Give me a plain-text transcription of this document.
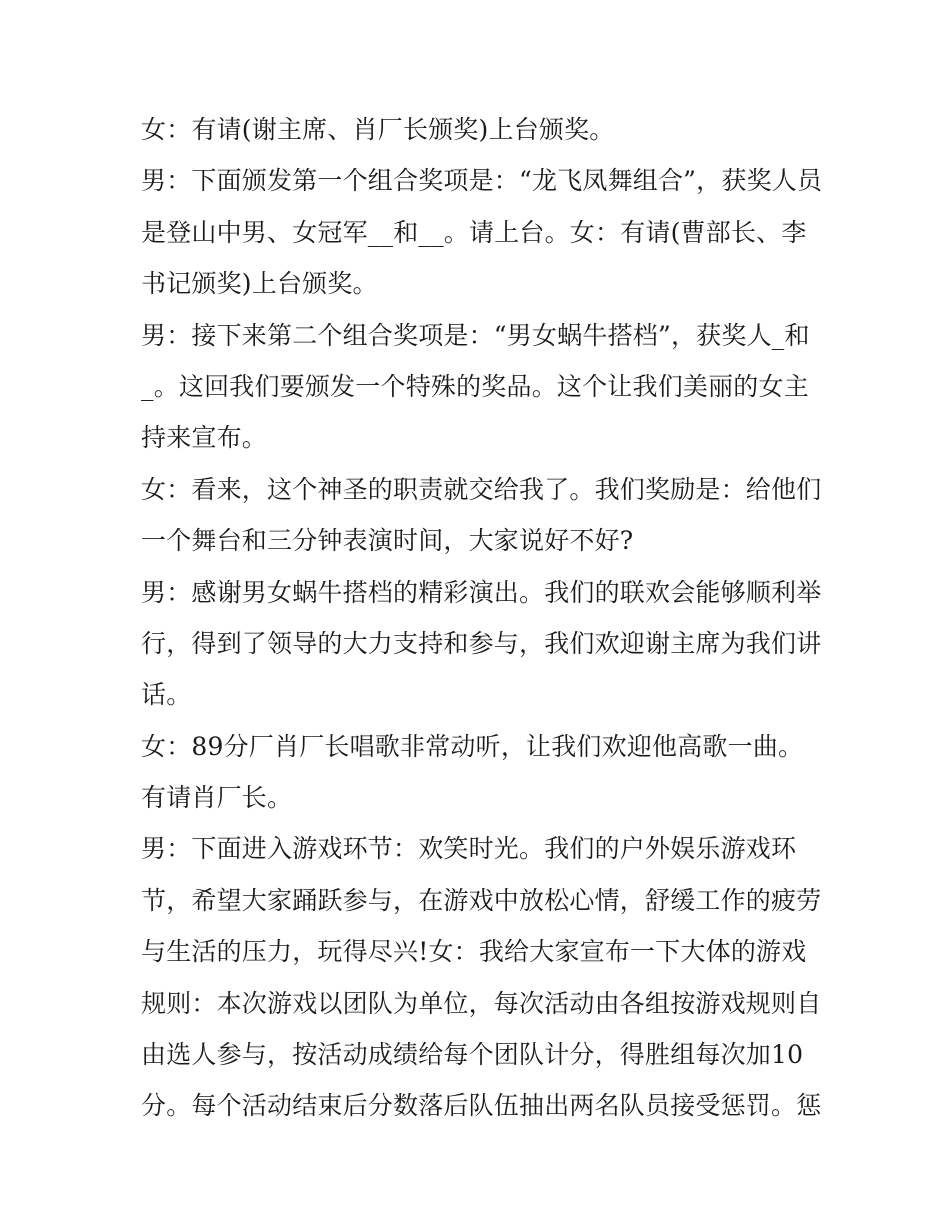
女：有请(谢主席、肖厂长颁奖)上台颁奖。
男：下面颁发第一个组合奖项是：“龙飞凤舞组合”，获奖人员
是登山中男、女冠军__和__。请上台。女：有请(曹部长、李
书记颁奖)上台颁奖。
男：接下来第二个组合奖项是：“男女蜗牛搭档”，获奖人_和
_。这回我们要颁发一个特殊的奖品。这个让我们美丽的女主
持来宣布。
女：看来，这个神圣的职责就交给我了。我们奖励是：给他们
一个舞台和三分钟表演时间，大家说好不好?
男：感谢男女蜗牛搭档的精彩演出。我们的联欢会能够顺利举
行，得到了领导的大力支持和参与，我们欢迎谢主席为我们讲
话。
女：89分厂肖厂长唱歌非常动听，让我们欢迎他高歌一曲。
有请肖厂长。
男：下面进入游戏环节：欢笑时光。我们的户外娱乐游戏环
节，希望大家踊跃参与，在游戏中放松心情，舒缓工作的疲劳
与生活的压力，玩得尽兴!女：我给大家宣布一下大体的游戏
规则：本次游戏以团队为单位，每次活动由各组按游戏规则自
由选人参与，按活动成绩给每个团队计分，得胜组每次加10
分。每个活动结束后分数落后队伍抽出两名队员接受惩罚。惩
